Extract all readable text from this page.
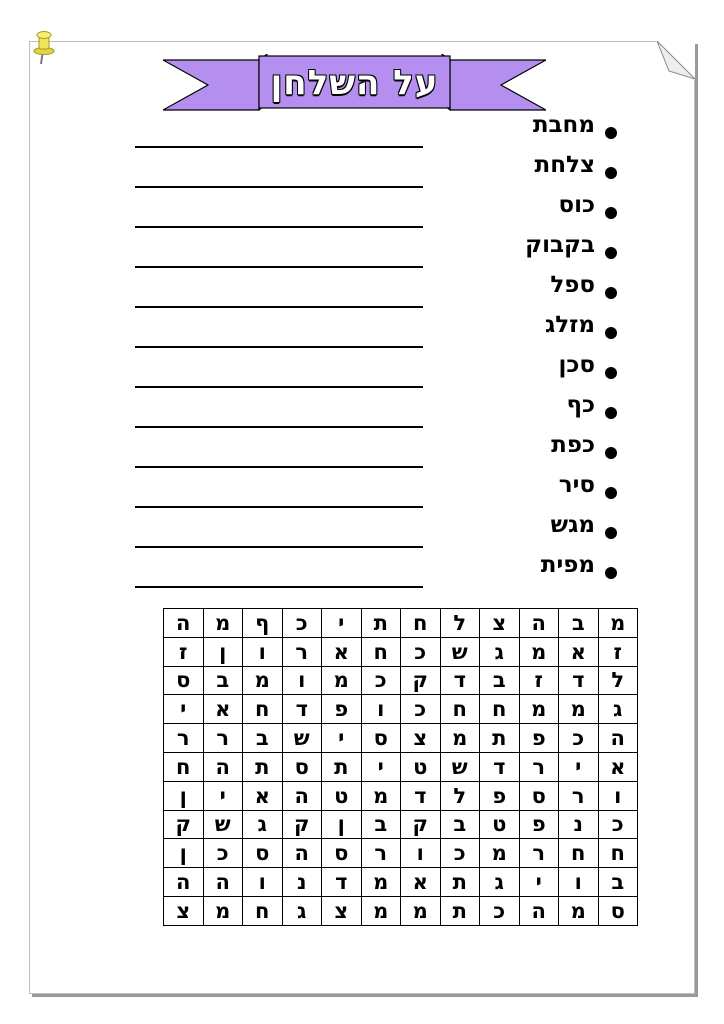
על השלחן
מחבת
צלחת
כוס
בקבוק
ספל
מזלג
סכן
כף
כפת
סיר
מגש
מפית
ה	מ	ף	כ	י	ת	ח	ל	צ	ה	ב	מ
ז	ן	ו	ר	א	ח	כ	ש	ג	מ	א	ז
ס	ב	מ	ו	מ	כ	ק	ד	ב	ז	ד	ל
י	א	ח	ד	פ	ו	כ	ח	ח	מ	מ	ג
ר	ר	ב	ש	י	ס	צ	מ	ת	פ	כ	ה
ח	ה	ת	ס	ת	י	ט	ש	ד	ר	י	א
ן	י	א	ה	ט	מ	ד	ל	פ	ס	ר	ו
ק	ש	ג	ק	ן	ב	ק	ב	ט	פ	נ	כ
ן	כ	ס	ה	ס	ר	ו	כ	מ	ר	ח	ח
ה	ה	ו	נ	ד	מ	א	ת	ג	י	ו	ב
צ	מ	ח	ג	צ	מ	מ	ת	כ	ה	מ	ס
